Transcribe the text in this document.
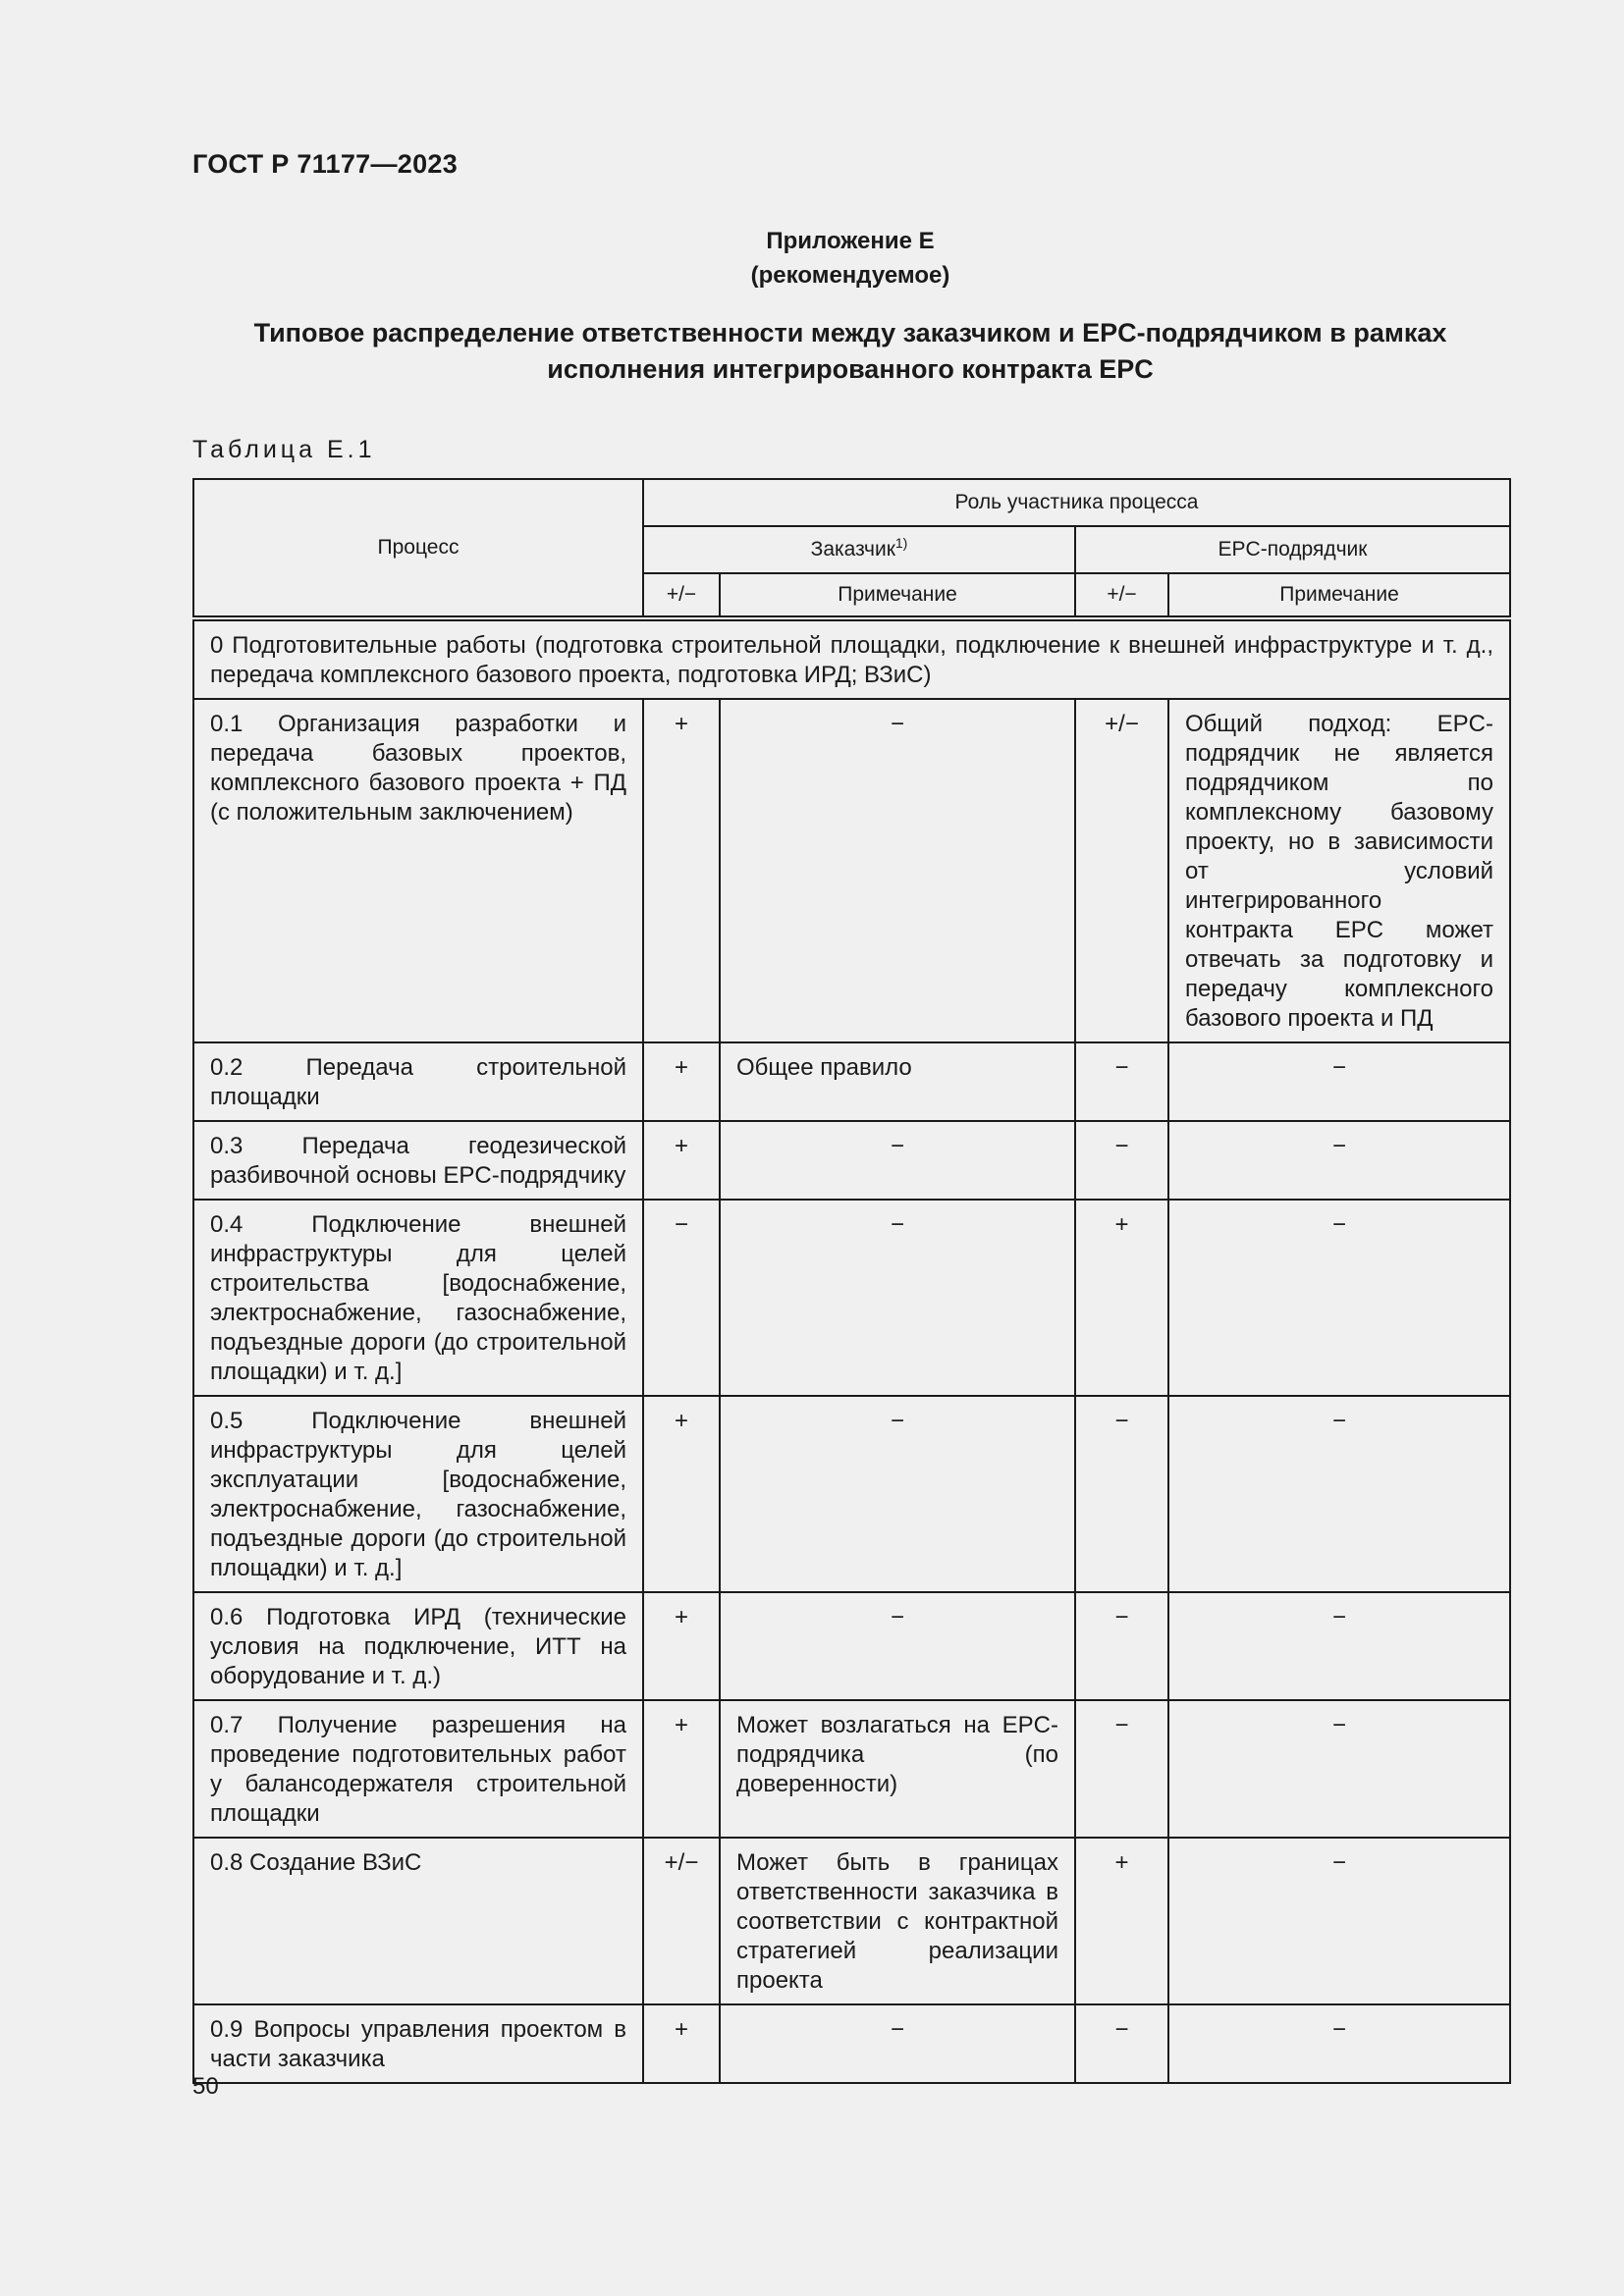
ГОСТ Р 71177—2023
Приложение Е
(рекомендуемое)
Типовое распределение ответственности между заказчиком и EPC-подрядчиком в рамках
исполнения интегрированного контракта EPC
Таблица Е.1
Процесс	Роль участника процесса			
	Заказчик$^{1)}$		EPC-подрядчик	
	+/−	Примечание	+/−	Примечание
0 Подготовительные работы (подготовка строительной площадки, подключение к внешней инфраструктуре и т. д., передача комплексного базового проекта, подготовка ИРД; ВЗиС)				
0.1 Организация разработки и передача базовых проектов, комплексного базового проекта + ПД (с положительным заключением)	+	−	+/−	Общий подход: EPC-подрядчик не является подрядчиком по комплексному базовому проекту, но в зависимости от условий интегрированного контракта EPC может отвечать за подготовку и передачу комплексного базового проекта и ПД
0.2 Передача строительной площадки	+	Общее правило	−	−
0.3 Передача геодезической разбивочной основы EPC-подрядчику	+	−	−	−
0.4 Подключение внешней инфраструктуры для целей строительства [водоснабжение, электроснабжение, газоснабжение, подъездные дороги (до строительной площадки) и т. д.]	−	−	+	−
0.5 Подключение внешней инфраструктуры для целей эксплуатации [водоснабжение, электроснабжение, газоснабжение, подъездные дороги (до строительной площадки) и т. д.]	+	−	−	−
0.6 Подготовка ИРД (технические условия на подключение, ИТТ на оборудование и т. д.)	+	−	−	−
0.7 Получение разрешения на проведение подготовительных работ у балансодержателя строительной площадки	+	Может возлагаться на EPC-подрядчика (по доверенности)	−	−
0.8 Создание ВЗиС	+/−	Может быть в границах ответственности заказчика в соответствии с контрактной стратегией реализации проекта	+	−
0.9 Вопросы управления проектом в части заказчика	+	−	−	−
50
